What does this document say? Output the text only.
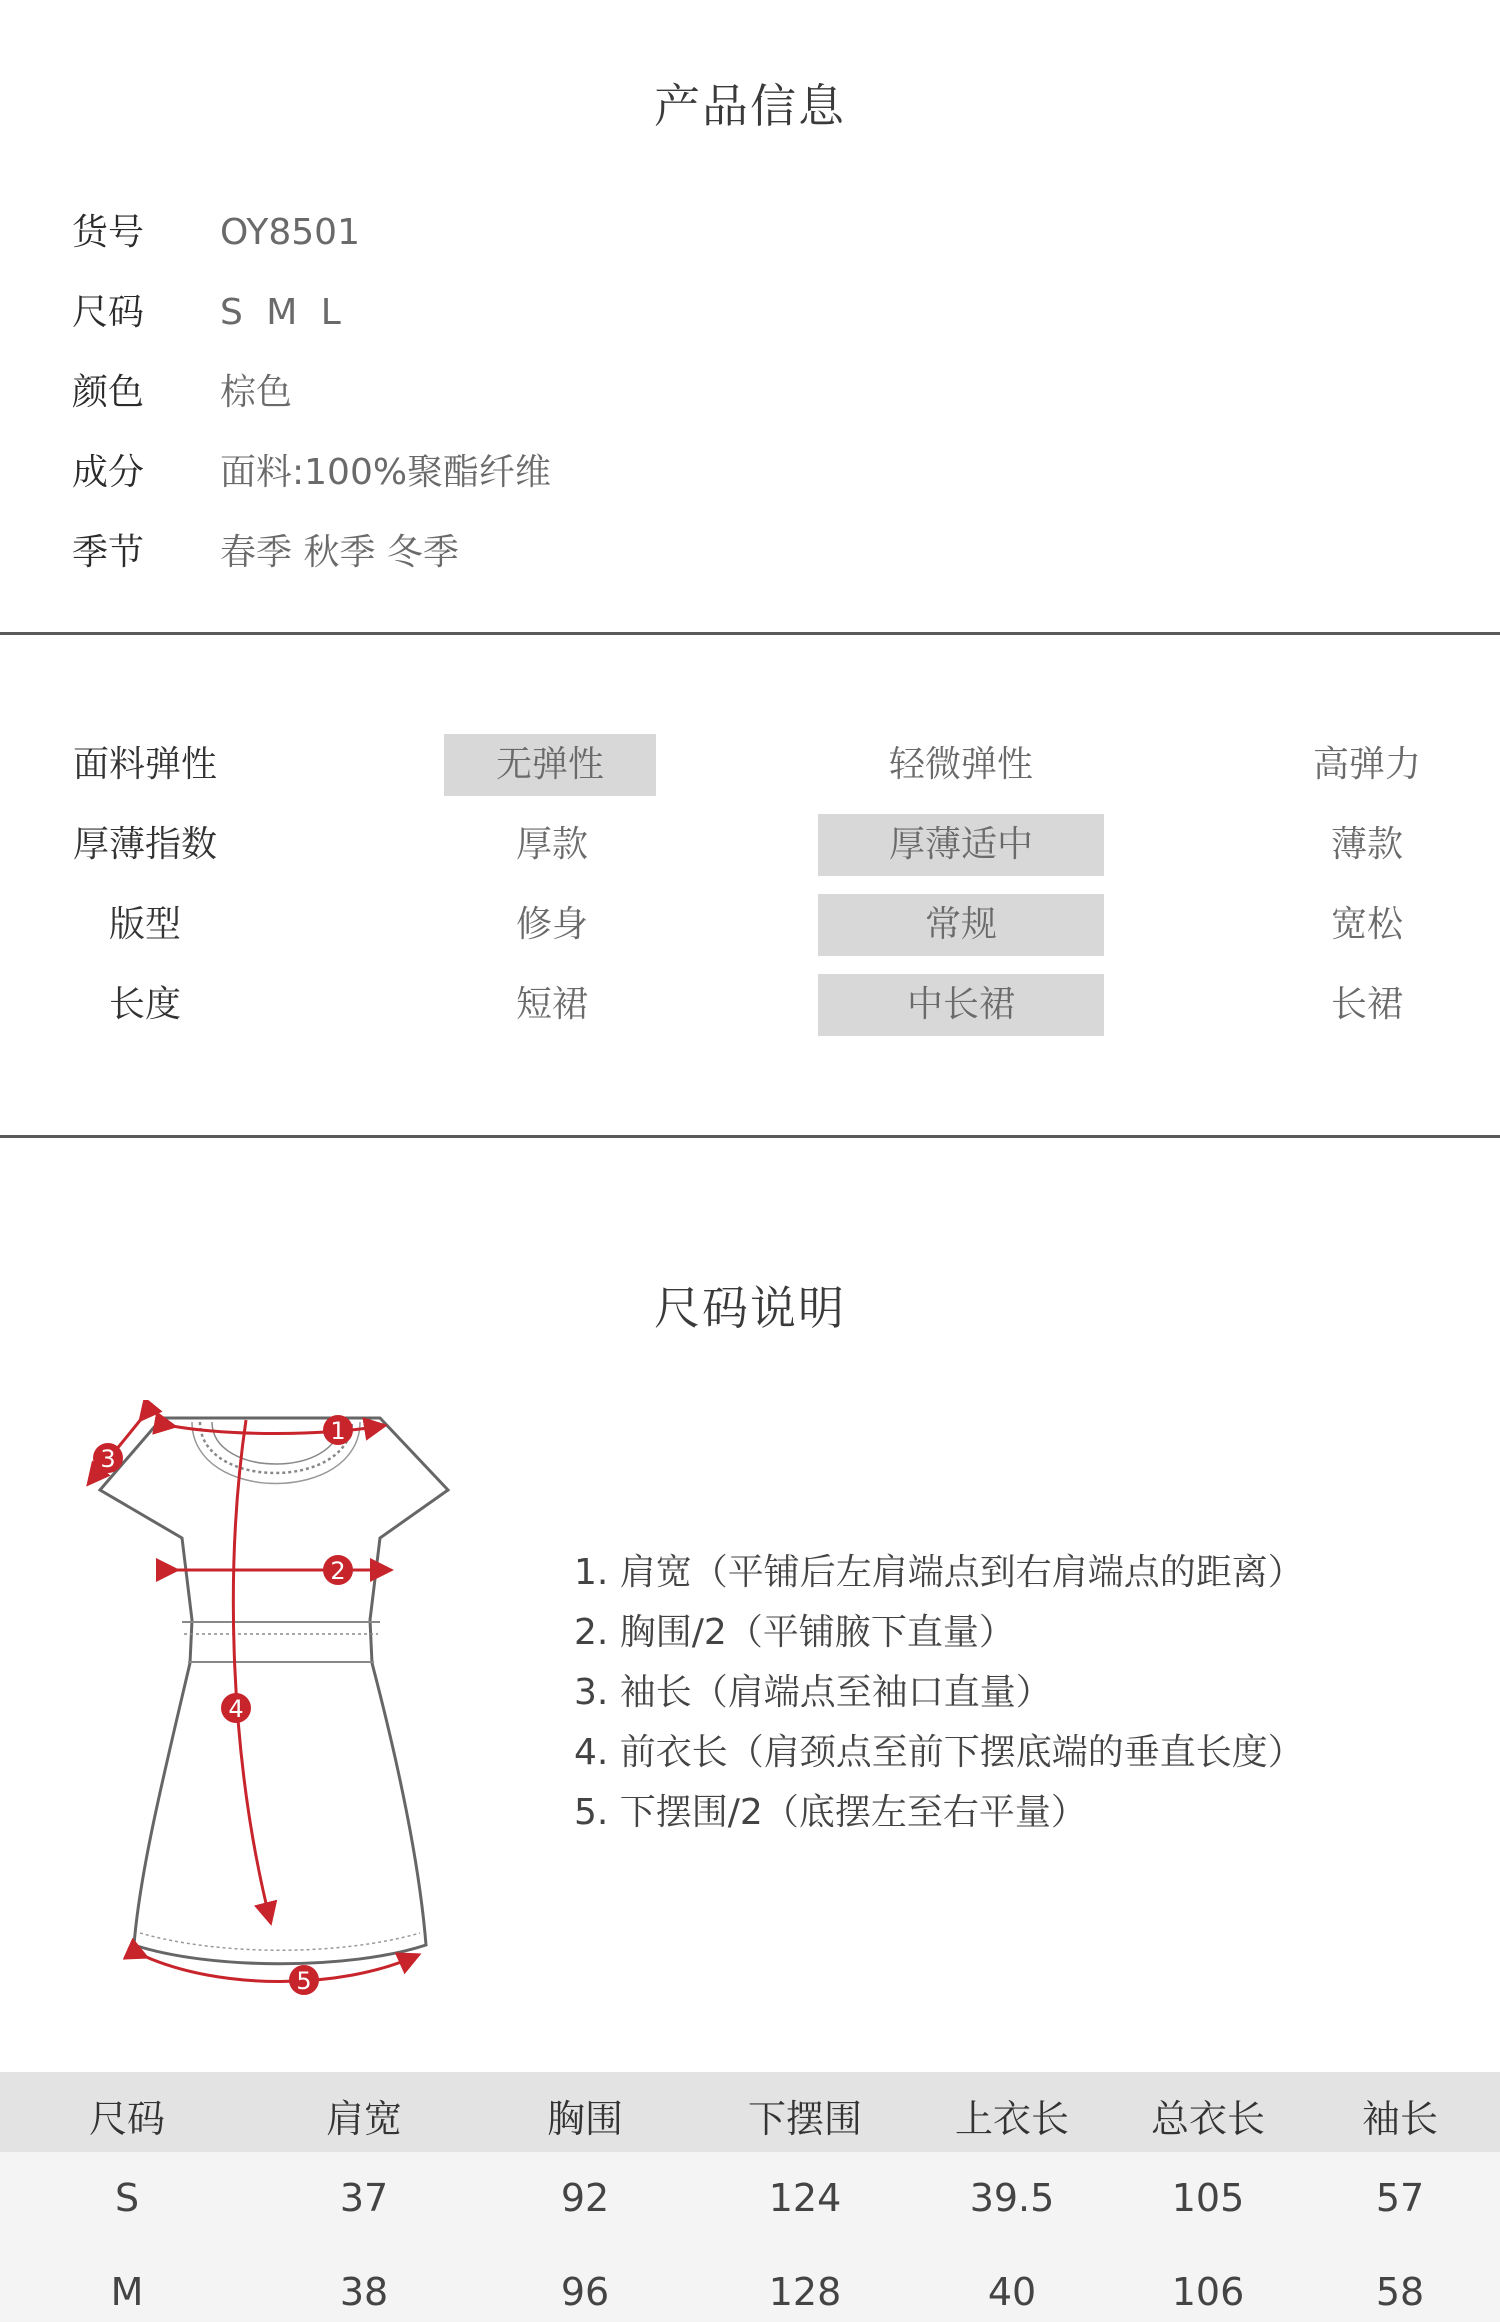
产品信息
货号 OY8501
尺码 S M L
颜色 棕色
成分 面料:100%聚酯纤维
季节 春季 秋季 冬季
面料弹性	无弹性	轻微弹性	高弹力
厚薄指数	厚款	厚薄适中	薄款
版型	修身	常规	宽松
长度	短裙	中长裙	长裙
尺码说明
1
2
3
4
5
1. 肩宽（平铺后左肩端点到右肩端点的距离）
2. 胸围/2（平铺腋下直量）
3. 袖长（肩端点至袖口直量）
4. 前衣长（肩颈点至前下摆底端的垂直长度）
5. 下摆围/2（底摆左至右平量）
尺码	肩宽	胸围	下摆围	上衣长	总衣长	袖长
S	37	92	124	39.5	105	57
M	38	96	128	40	106	58
